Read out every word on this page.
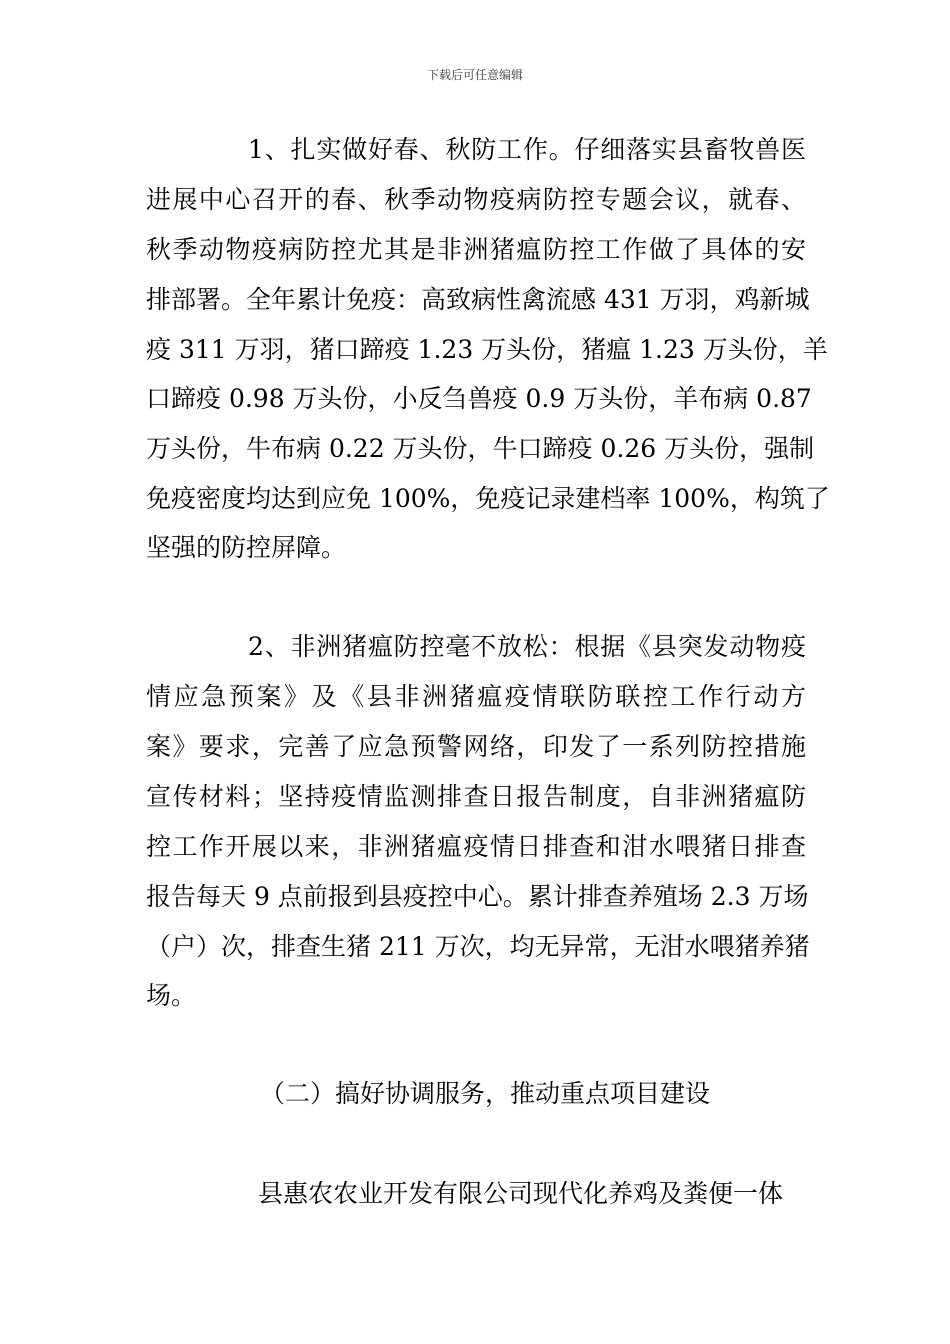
下载后可任意编辑
1、扎实做好春、秋防工作。仔细落实县畜牧兽医
进展中心召开的春、秋季动物疫病防控专题会议，就春、
秋季动物疫病防控尤其是非洲猪瘟防控工作做了具体的安
排部署。全年累计免疫：高致病性禽流感 431 万羽，鸡新城
疫 311 万羽，猪口蹄疫 1.23 万头份，猪瘟 1.23 万头份，羊
口蹄疫 0.98 万头份，小反刍兽疫 0.9 万头份，羊布病 0.87
万头份，牛布病 0.22 万头份，牛口蹄疫 0.26 万头份，强制
免疫密度均达到应免 100%，免疫记录建档率 100%，构筑了
坚强的防控屏障。
2、非洲猪瘟防控毫不放松：根据《县突发动物疫
情应急预案》及《县非洲猪瘟疫情联防联控工作行动方
案》要求，完善了应急预警网络，印发了一系列防控措施
宣传材料；坚持疫情监测排查日报告制度，自非洲猪瘟防
控工作开展以来，非洲猪瘟疫情日排查和泔水喂猪日排查
报告每天 9 点前报到县疫控中心。累计排查养殖场 2.3 万场
（户）次，排查生猪 211 万次，均无异常，无泔水喂猪养猪
场。
（二）搞好协调服务，推动重点项目建设
县惠农农业开发有限公司现代化养鸡及粪便一体
